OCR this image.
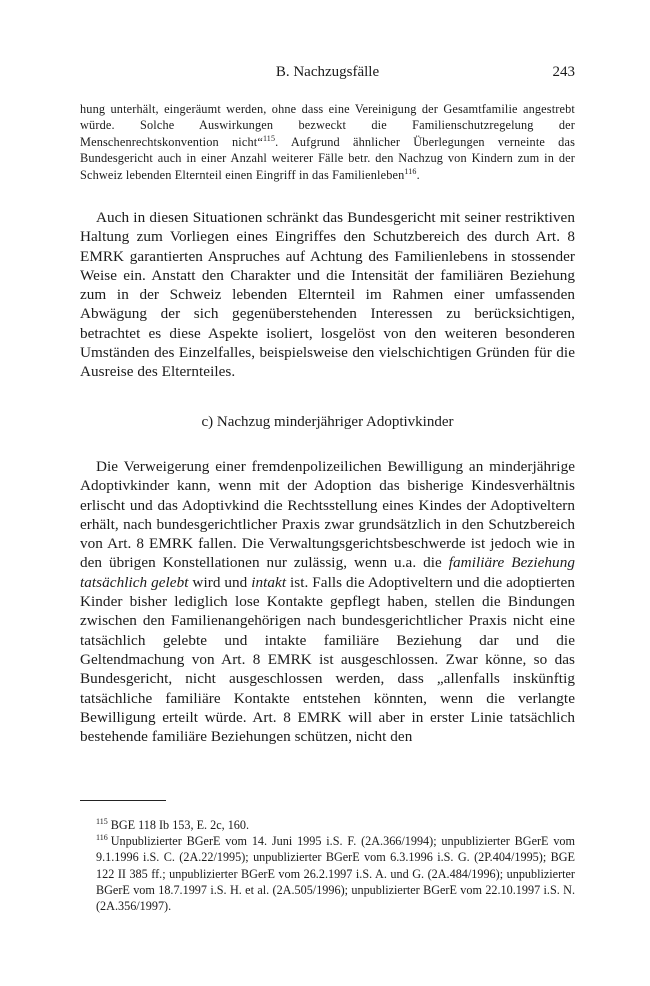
B. Nachzugsfälle	243

hung unterhält, eingeräumt werden, ohne dass eine Vereinigung der Gesamtfamilie angestrebt würde. Solche Auswirkungen bezweckt die Familienschutzregelung der Menschenrechtskonvention nicht“$^{115}$. Aufgrund ähnlicher Überlegungen verneinte das Bundesgericht auch in einer Anzahl weiterer Fälle betr. den Nachzug von Kindern zum in der Schweiz lebenden Elternteil einen Eingriff in das Familienleben$^{116}$.

Auch in diesen Situationen schränkt das Bundesgericht mit seiner restriktiven Haltung zum Vorliegen eines Eingriffes den Schutzbereich des durch Art. 8 EMRK garantierten Anspruches auf Achtung des Familienlebens in stossender Weise ein. Anstatt den Charakter und die Intensität der familiären Beziehung zum in der Schweiz lebenden Elternteil im Rahmen einer umfassenden Abwägung der sich gegenüberstehenden Interessen zu berücksichtigen, betrachtet es diese Aspekte isoliert, losgelöst von den weiteren besonderen Umständen des Einzelfalles, beispielsweise den vielschichtigen Gründen für die Ausreise des Elternteiles.

c) Nachzug minderjähriger Adoptivkinder

Die Verweigerung einer fremdenpolizeilichen Bewilligung an minderjährige Adoptivkinder kann, wenn mit der Adoption das bisherige Kindesverhältnis erlischt und das Adoptivkind die Rechtsstellung eines Kindes der Adoptiveltern erhält, nach bundesgerichtlicher Praxis zwar grundsätzlich in den Schutzbereich von Art. 8 EMRK fallen. Die Verwaltungsgerichtsbeschwerde ist jedoch wie in den übrigen Konstellationen nur zulässig, wenn u.a. die familiäre Beziehung tatsächlich gelebt wird und intakt ist. Falls die Adoptiveltern und die adoptierten Kinder bisher lediglich lose Kontakte gepflegt haben, stellen die Bindungen zwischen den Familienangehörigen nach bundesgerichtlicher Praxis nicht eine tatsächlich gelebte und intakte familiäre Beziehung dar und die Geltendmachung von Art. 8 EMRK ist ausgeschlossen. Zwar könne, so das Bundesgericht, nicht ausgeschlossen werden, dass „allenfalls inskünftig tatsächliche familiäre Kontakte entstehen könnten, wenn die verlangte Bewilligung erteilt würde. Art. 8 EMRK will aber in erster Linie tatsächlich bestehende familiäre Beziehungen schützen, nicht den

$^{115}$ BGE 118 Ib 153, E. 2c, 160.

$^{116}$ Unpublizierter BGerE vom 14. Juni 1995 i.S. F. (2A.366/1994); unpublizierter BGerE vom 9.1.1996 i.S. C. (2A.22/1995); unpublizierter BGerE vom 6.3.1996 i.S. G. (2P.404/1995); BGE 122 II 385 ff.; unpublizierter BGerE vom 26.2.1997 i.S. A. und G. (2A.484/1996); unpublizierter BGerE vom 18.7.1997 i.S. H. et al. (2A.505/1996); unpublizierter BGerE vom 22.10.1997 i.S. N. (2A.356/1997).
